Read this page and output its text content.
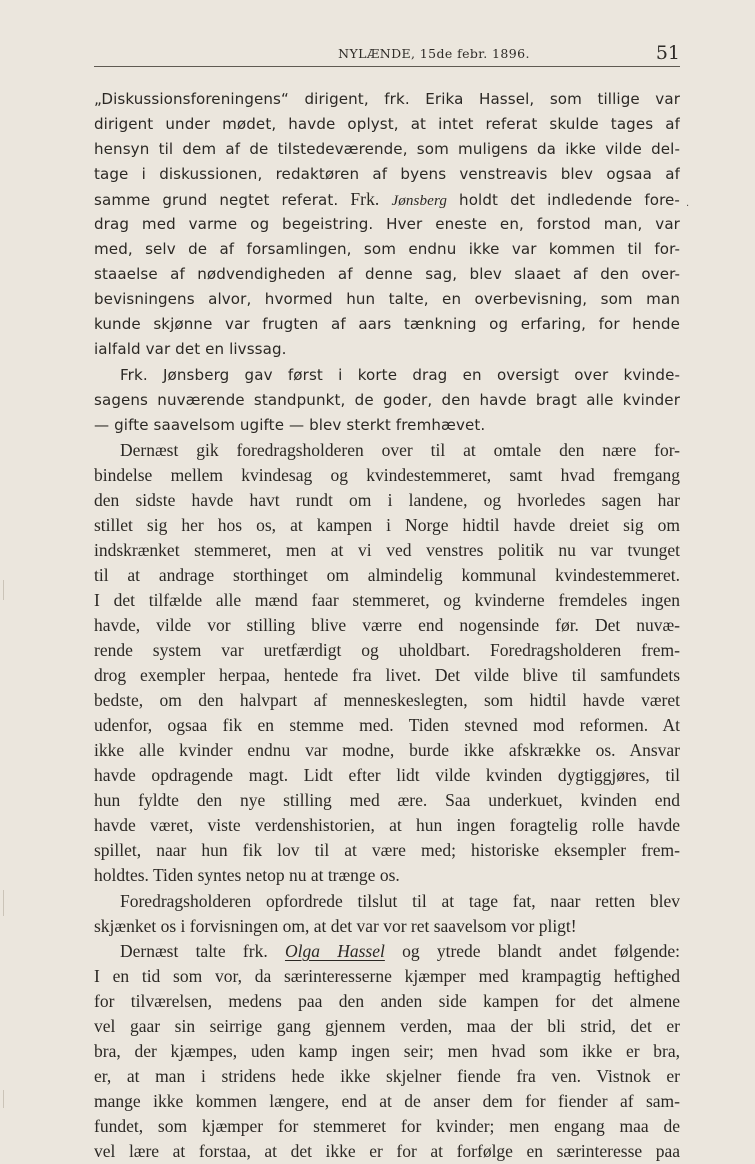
NYLÆNDE, 15de febr. 1896.	51
„Diskussionsforeningens“ dirigent, frk. Erika Hassel, som tillige var
dirigent under mødet, havde oplyst, at intet referat skulde tages af
hensyn til dem af de tilstedeværende, som muligens da ikke vilde del-
tage i diskussionen, redaktøren af byens venstreavis blev ogsaa af
samme grund negtet referat. Frk. Jønsberg holdt det indledende fore-
drag med varme og begeistring. Hver eneste en, forstod man, var
med, selv de af forsamlingen, som endnu ikke var kommen til for-
staaelse af nødvendigheden af denne sag, blev slaaet af den over-
bevisningens alvor, hvormed hun talte, en overbevisning, som man
kunde skjønne var frugten af aars tænkning og erfaring, for hende
ialfald var det en livssag.
Frk. Jønsberg gav først i korte drag en oversigt over kvinde-
sagens nuværende standpunkt, de goder, den havde bragt alle kvinder
— gifte saavelsom ugifte — blev sterkt fremhævet.
Dernæst gik foredragsholderen over til at omtale den nære for-
bindelse mellem kvindesag og kvindestemmeret, samt hvad fremgang
den sidste havde havt rundt om i landene, og hvorledes sagen har
stillet sig her hos os, at kampen i Norge hidtil havde dreiet sig om
indskrænket stemmeret, men at vi ved venstres politik nu var tvunget
til at andrage storthinget om almindelig kommunal kvindestemmeret.
I det tilfælde alle mænd faar stemmeret, og kvinderne fremdeles ingen
havde, vilde vor stilling blive værre end nogensinde før. Det nuvæ-
rende system var uretfærdigt og uholdbart. Foredragsholderen frem-
drog exempler herpaa, hentede fra livet. Det vilde blive til samfundets
bedste, om den halvpart af menneskeslegten, som hidtil havde været
udenfor, ogsaa fik en stemme med. Tiden stevned mod reformen. At
ikke alle kvinder endnu var modne, burde ikke afskrække os. Ansvar
havde opdragende magt. Lidt efter lidt vilde kvinden dygtiggjøres, til
hun fyldte den nye stilling med ære. Saa underkuet, kvinden end
havde været, viste verdenshistorien, at hun ingen foragtelig rolle havde
spillet, naar hun fik lov til at være med; historiske eksempler frem-
holdtes. Tiden syntes netop nu at trænge os.
Foredragsholderen opfordrede tilslut til at tage fat, naar retten blev
skjænket os i forvisningen om, at det var vor ret saavelsom vor pligt!
Dernæst talte frk. Olga Hassel og ytrede blandt andet følgende:
I en tid som vor, da særinteresserne kjæmper med krampagtig heftighed
for tilværelsen, medens paa den anden side kampen for det almene
vel gaar sin seirrige gang gjennem verden, maa der bli strid, det er
bra, der kjæmpes, uden kamp ingen seir; men hvad som ikke er bra,
er, at man i stridens hede ikke skjelner fiende fra ven. Vistnok er
mange ikke kommen længere, end at de anser dem for fiender af sam-
fundet, som kjæmper for stemmeret for kvinder; men engang maa de
vel lære at forstaa, at det ikke er for at forfølge en særinteresse paa
.
